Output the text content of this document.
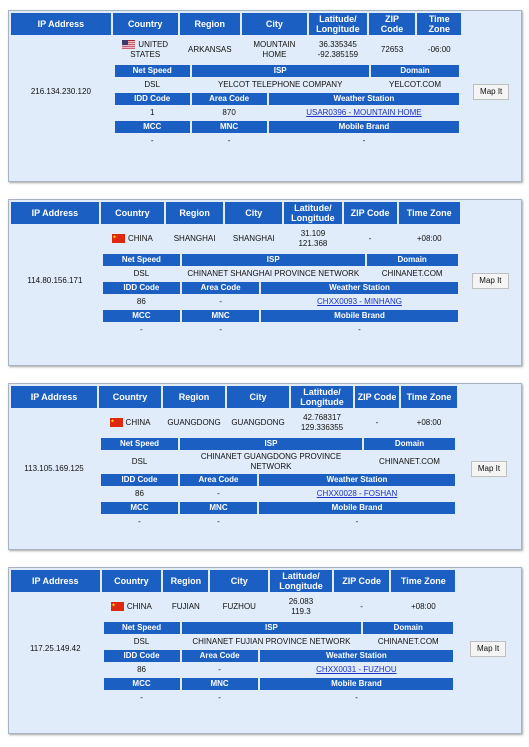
IP Address	Country	Region	City	Latitude/
Longitude	ZIP
Code	Time
Zone	
216.134.230.120	
UNITED STATES	ARKANSAS	MOUNTAIN HOME	36.335345
-92.385159	72653	-06:00	Map It

Net Speed	ISP	Domain

DSL	YELCOT TELEPHONE COMPANY	YELCOT.COM

IDD Code	Area Code	Weather Station

1	870	USAR0396 - MOUNTAIN HOME

MCC	MNC	Mobile Brand

-	-	-
IP Address	Country	Region	City	Latitude/
Longitude	ZIP Code	Time Zone	
114.80.156.171	
CHINA	SHANGHAI	SHANGHAI	31.109
121.368	-	+08:00	Map It

Net Speed	ISP	Domain

DSL	CHINANET SHANGHAI PROVINCE NETWORK	CHINANET.COM

IDD Code	Area Code	Weather Station

86	-	CHXX0093 - MINHANG

MCC	MNC	Mobile Brand

-	-	-
IP Address	Country	Region	City	Latitude/
Longitude	ZIP Code	Time Zone	
113.105.169.125	
CHINA	GUANGDONG	GUANGDONG	42.768317
129.336355	-	+08:00	Map It

Net Speed	ISP	Domain

DSL	CHINANET GUANGDONG PROVINCE NETWORK	CHINANET.COM

IDD Code	Area Code	Weather Station

86	-	CHXX0028 - FOSHAN

MCC	MNC	Mobile Brand

-	-	-
IP Address	Country	Region	City	Latitude/
Longitude	ZIP Code	Time Zone	
117.25.149.42	
CHINA	FUJIAN	FUZHOU	26.083
119.3	-	+08:00	Map It

Net Speed	ISP	Domain

DSL	CHINANET FUJIAN PROVINCE NETWORK	CHINANET.COM

IDD Code	Area Code	Weather Station

86	-	CHXX0031 - FUZHOU

MCC	MNC	Mobile Brand

-	-	-
